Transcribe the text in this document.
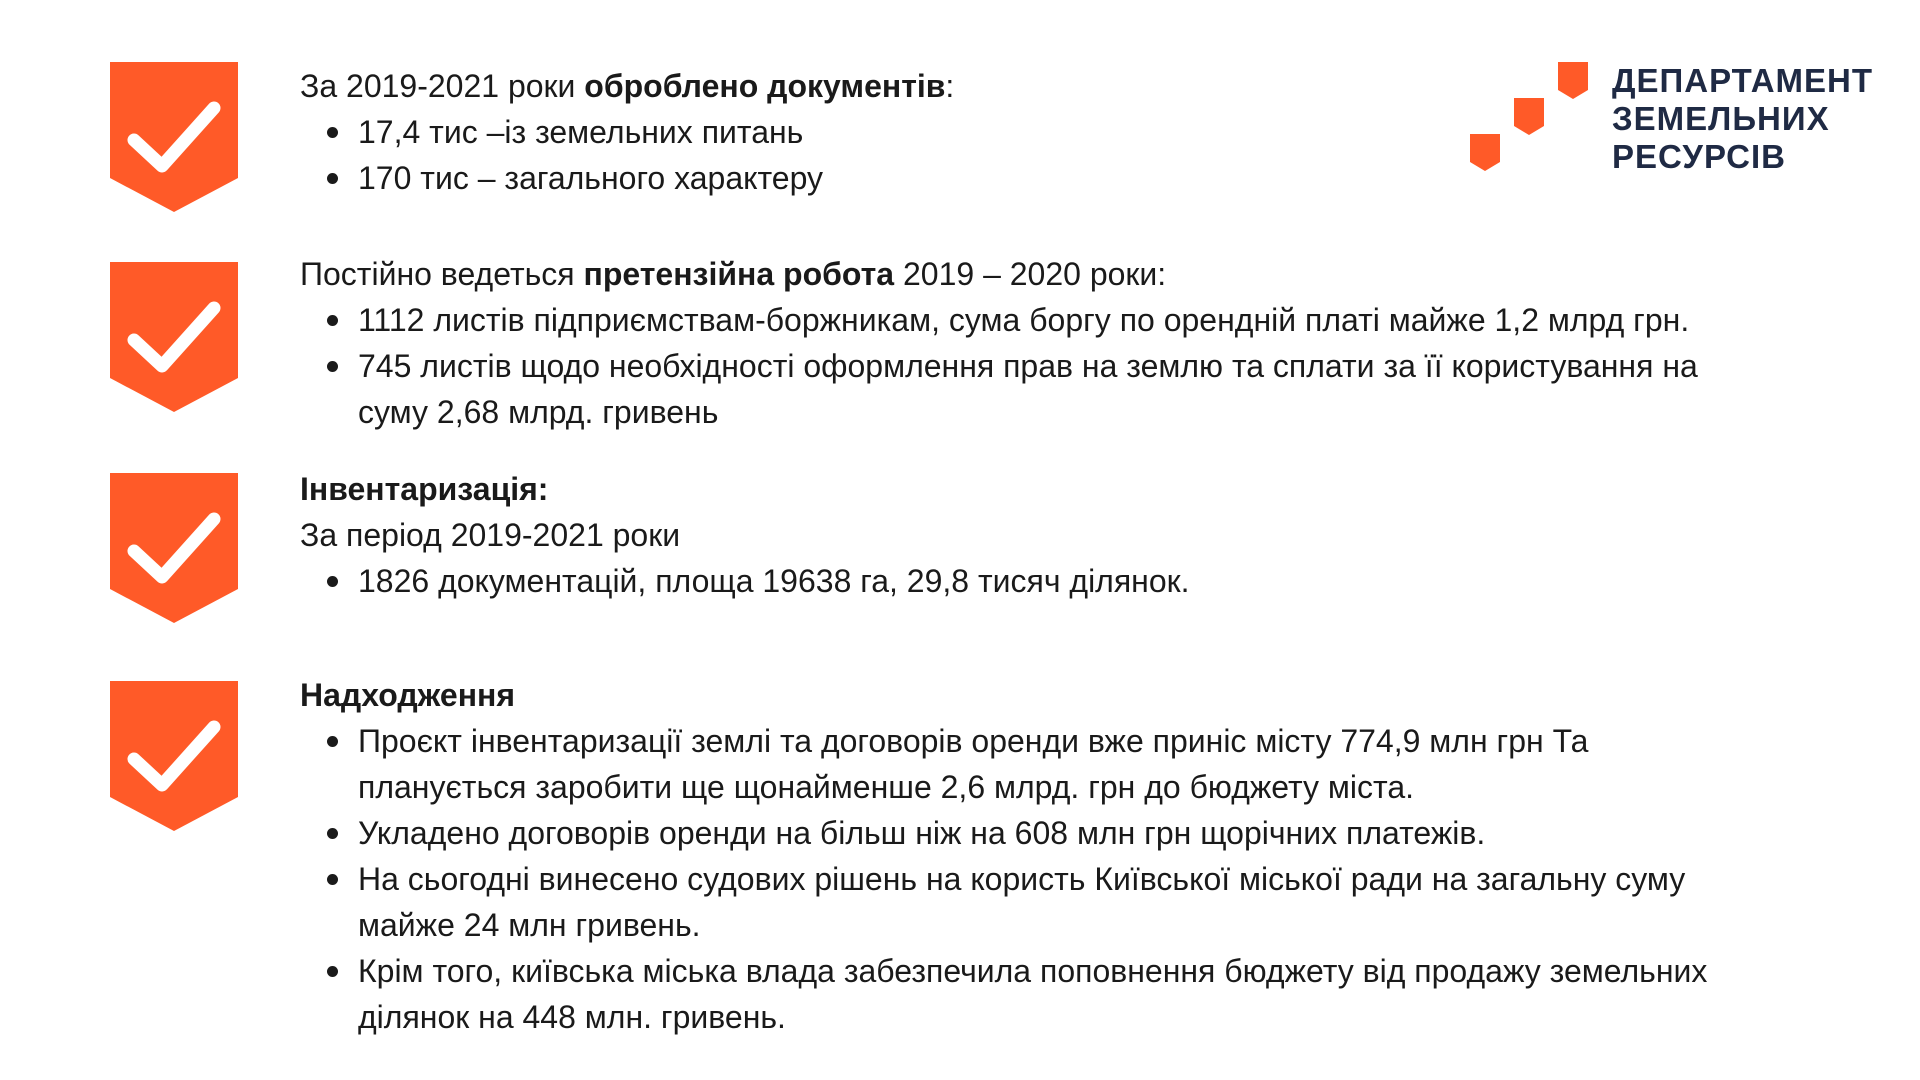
За 2019-2021 роки оброблено документів:
17,4 тис –із земельних питань
170 тис – загального характеру
Постійно ведеться претензійна робота 2019 – 2020 роки:
1112 листів підприємствам-боржникам, сума боргу по орендній платі майже 1,2 млрд грн.
745 листів щодо необхідності оформлення прав на землю та сплати за її користування на
суму 2,68 млрд. гривень
Інвентаризація:
За період 2019-2021 роки
1826 документацій, площа 19638 га, 29,8 тисяч ділянок.
Надходження
Проєкт інвентаризації землі та договорів оренди вже приніс місту 774,9 млн грн Та
планується заробити ще щонайменше 2,6 млрд. грн до бюджету міста.
Укладено договорів оренди на більш ніж на 608 млн грн щорічних платежів.
На сьогодні винесено судових рішень на користь Київської міської ради на загальну суму
майже 24 млн гривень.
Крім того, київська міська влада забезпечила поповнення бюджету від продажу земельних
ділянок на 448 млн. гривень.
ДЕПАРТАМЕНТ
ЗЕМЕЛЬНИХ
РЕСУРСІВ
